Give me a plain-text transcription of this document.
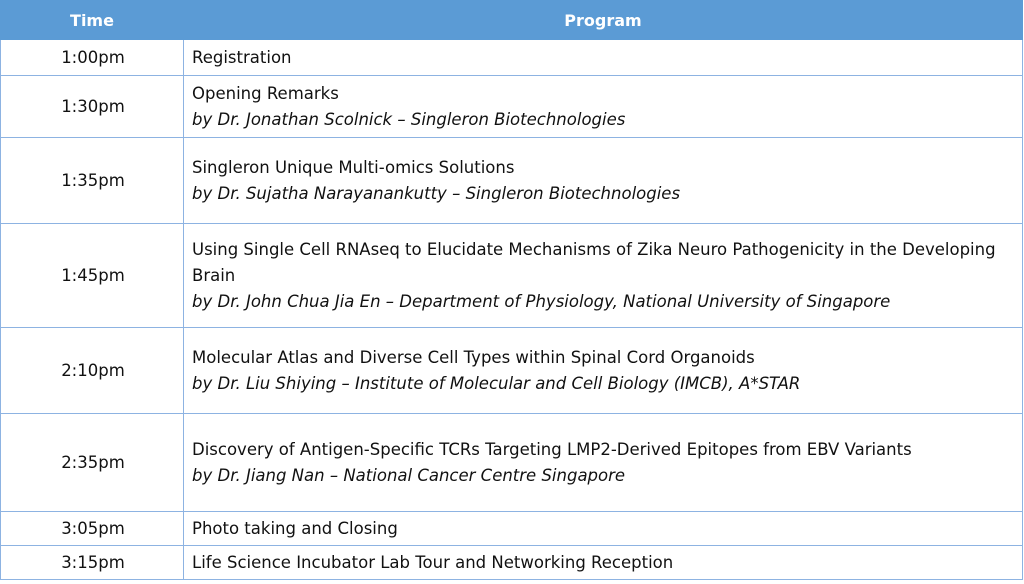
Time	Program
1:00pm	Registration

1:30pm	Opening Remarks
by Dr. Jonathan Scolnick – Singleron Biotechnologies

1:35pm	Singleron Unique Multi-omics Solutions
by Dr. Sujatha Narayanankutty – Singleron Biotechnologies

1:45pm	Using Single Cell RNAseq to Elucidate Mechanisms of Zika Neuro Pathogenicity in the Developing Brain
by Dr. John Chua Jia En – Department of Physiology, National University of Singapore

2:10pm	Molecular Atlas and Diverse Cell Types within Spinal Cord Organoids
by Dr. Liu Shiying – Institute of Molecular and Cell Biology (IMCB), A*STAR

2:35pm	Discovery of Antigen-Specific TCRs Targeting LMP2-Derived Epitopes from EBV Variants
by Dr. Jiang Nan – National Cancer Centre Singapore

3:05pm	Photo taking and Closing

3:15pm	Life Science Incubator Lab Tour and Networking Reception
